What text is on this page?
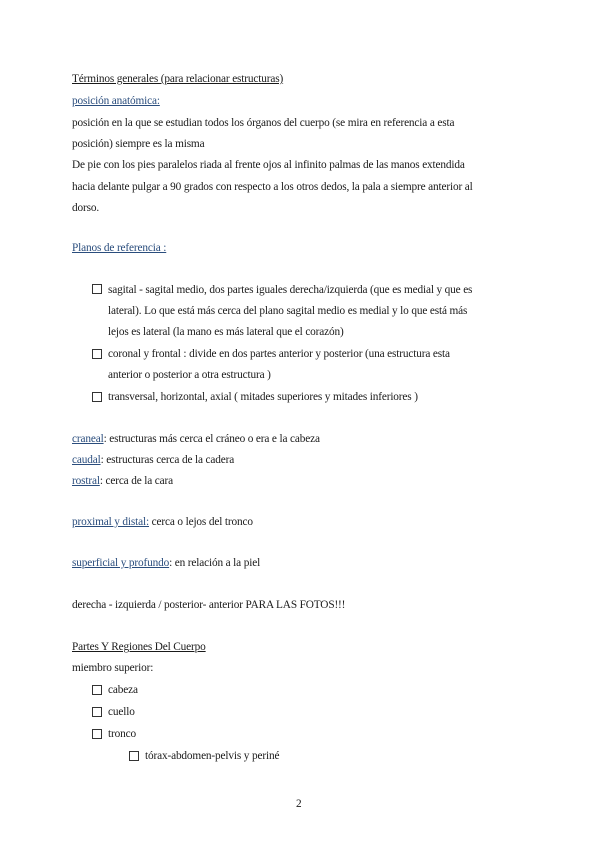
Términos generales (para relacionar estructuras)
posición anatómica:
posición en la que se estudian todos los órganos del cuerpo (se mira en referencia a esta
posición) siempre es la misma
De pie con los pies paralelos riada al frente ojos al infinito palmas de las manos extendida
hacia delante pulgar a 90 grados con respecto a los otros dedos, la pala a siempre anterior al
dorso.
Planos de referencia :
sagital - sagital medio, dos partes iguales derecha/izquierda (que es medial y que es
lateral). Lo que está más cerca del plano sagital medio es medial y lo que está más
lejos es lateral (la mano es más lateral que el corazón)
coronal y frontal : divide en dos partes anterior y posterior (una estructura esta
anterior o posterior a otra estructura )
transversal, horizontal, axial ( mitades superiores y mitades inferiores )
craneal: estructuras más cerca el cráneo o era e la cabeza
caudal: estructuras cerca de la cadera
rostral: cerca de la cara
proximal y distal: cerca o lejos del tronco
superficial y profundo: en relación a la piel
derecha - izquierda / posterior- anterior PARA LAS FOTOS!!!
Partes Y Regiones Del Cuerpo
miembro superior:
cabeza
cuello
tronco
tórax-abdomen-pelvis y periné
2
